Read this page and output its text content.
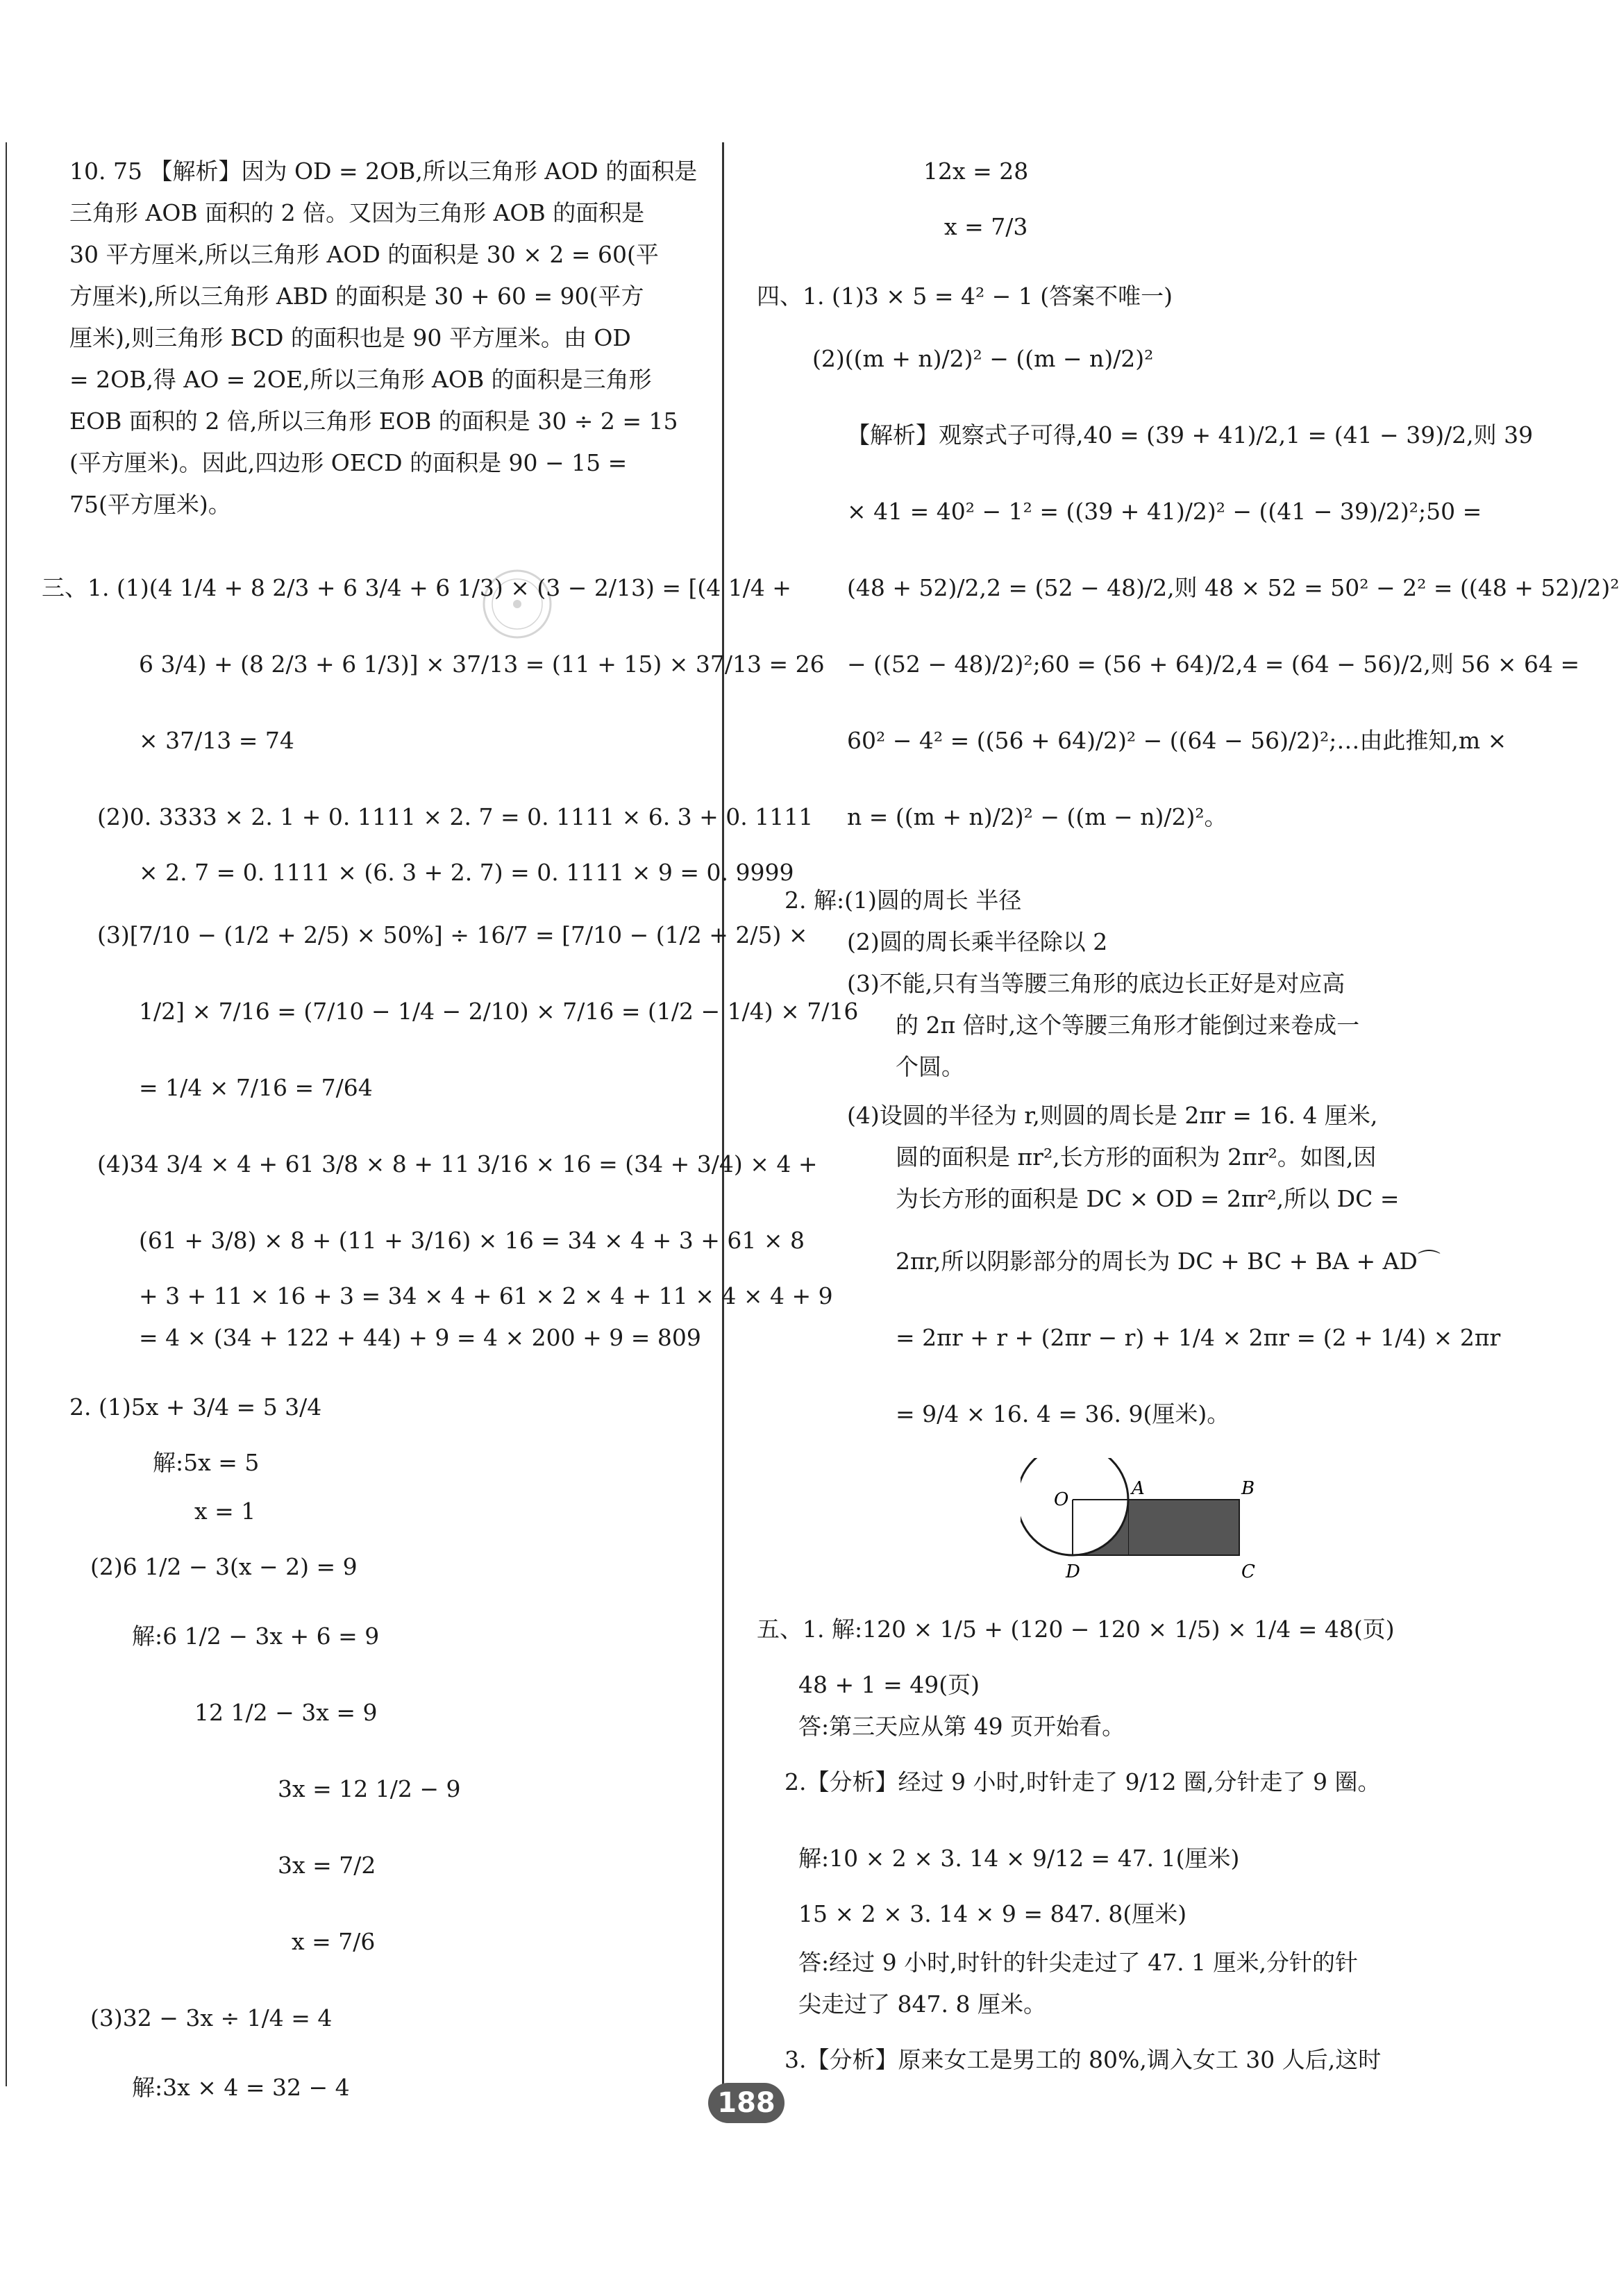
10. 75 【解析】因为 OD = 2OB,所以三角形 AOD 的面积是
三角形 AOB 面积的 2 倍。又因为三角形 AOB 的面积是
30 平方厘米,所以三角形 AOD 的面积是 30 × 2 = 60(平
方厘米),所以三角形 ABD 的面积是 30 + 60 = 90(平方
厘米),则三角形 BCD 的面积也是 90 平方厘米。由 OD
= 2OB,得 AO = 2OE,所以三角形 AOB 的面积是三角形
EOB 面积的 2 倍,所以三角形 EOB 的面积是 30 ÷ 2 = 15
(平方厘米)。因此,四边形 OECD 的面积是 90 − 15 =
75(平方厘米)。
三、1. (1)(4 1/4 + 8 2/3 + 6 3/4 + 6 1/3) × (3 − 2/13) = [(4 1/4 +
6 3/4) + (8 2/3 + 6 1/3)] × 37/13 = (11 + 15) × 37/13 = 26
× 37/13 = 74
(2)0. 3333 × 2. 1 + 0. 1111 × 2. 7 = 0. 1111 × 6. 3 + 0. 1111
× 2. 7 = 0. 1111 × (6. 3 + 2. 7) = 0. 1111 × 9 = 0. 9999
(3)[7/10 − (1/2 + 2/5) × 50%] ÷ 16/7 = [7/10 − (1/2 + 2/5) ×
1/2] × 7/16 = (7/10 − 1/4 − 2/10) × 7/16 = (1/2 − 1/4) × 7/16
= 1/4 × 7/16 = 7/64
(4)34 3/4 × 4 + 61 3/8 × 8 + 11 3/16 × 16 = (34 + 3/4) × 4 +
(61 + 3/8) × 8 + (11 + 3/16) × 16 = 34 × 4 + 3 + 61 × 8
+ 3 + 11 × 16 + 3 = 34 × 4 + 61 × 2 × 4 + 11 × 4 × 4 + 9
= 4 × (34 + 122 + 44) + 9 = 4 × 200 + 9 = 809
2. (1)5x + 3/4 = 5 3/4
解:5x = 5
x = 1
(2)6 1/2 − 3(x − 2) = 9
解:6 1/2 − 3x + 6 = 9
12 1/2 − 3x = 9
3x = 12 1/2 − 9
3x = 7/2
x = 7/6
(3)32 − 3x ÷ 1/4 = 4
解:3x × 4 = 32 − 4
12x = 28
x = 7/3
四、1. (1)3 × 5 = 4² − 1 (答案不唯一)
(2)((m + n)/2)² − ((m − n)/2)²
【解析】观察式子可得,40 = (39 + 41)/2,1 = (41 − 39)/2,则 39
× 41 = 40² − 1² = ((39 + 41)/2)² − ((41 − 39)/2)²;50 =
(48 + 52)/2,2 = (52 − 48)/2,则 48 × 52 = 50² − 2² = ((48 + 52)/2)²
− ((52 − 48)/2)²;60 = (56 + 64)/2,4 = (64 − 56)/2,则 56 × 64 =
60² − 4² = ((56 + 64)/2)² − ((64 − 56)/2)²;…由此推知,m ×
n = ((m + n)/2)² − ((m − n)/2)²。
2. 解:(1)圆的周长 半径
(2)圆的周长乘半径除以 2
(3)不能,只有当等腰三角形的底边长正好是对应高
的 2π 倍时,这个等腰三角形才能倒过来卷成一
个圆。
(4)设圆的半径为 r,则圆的周长是 2πr = 16. 4 厘米,
圆的面积是 πr²,长方形的面积为 2πr²。如图,因
为长方形的面积是 DC × OD = 2πr²,所以 DC =
2πr,所以阴影部分的周长为 DC + BC + BA + AD⌒
= 2πr + r + (2πr − r) + 1/4 × 2πr = (2 + 1/4) × 2πr
= 9/4 × 16. 4 = 36. 9(厘米)。
五、1. 解:120 × 1/5 + (120 − 120 × 1/5) × 1/4 = 48(页)
48 + 1 = 49(页)
答:第三天应从第 49 页开始看。
2.【分析】经过 9 小时,时针走了 9/12 圈,分针走了 9 圈。
解:10 × 2 × 3. 14 × 9/12 = 47. 1(厘米)
15 × 2 × 3. 14 × 9 = 847. 8(厘米)
答:经过 9 小时,时针的针尖走过了 47. 1 厘米,分针的针
尖走过了 847. 8 厘米。
3.【分析】原来女工是男工的 80%,调入女工 30 人后,这时
O
A	B
C
D
188
